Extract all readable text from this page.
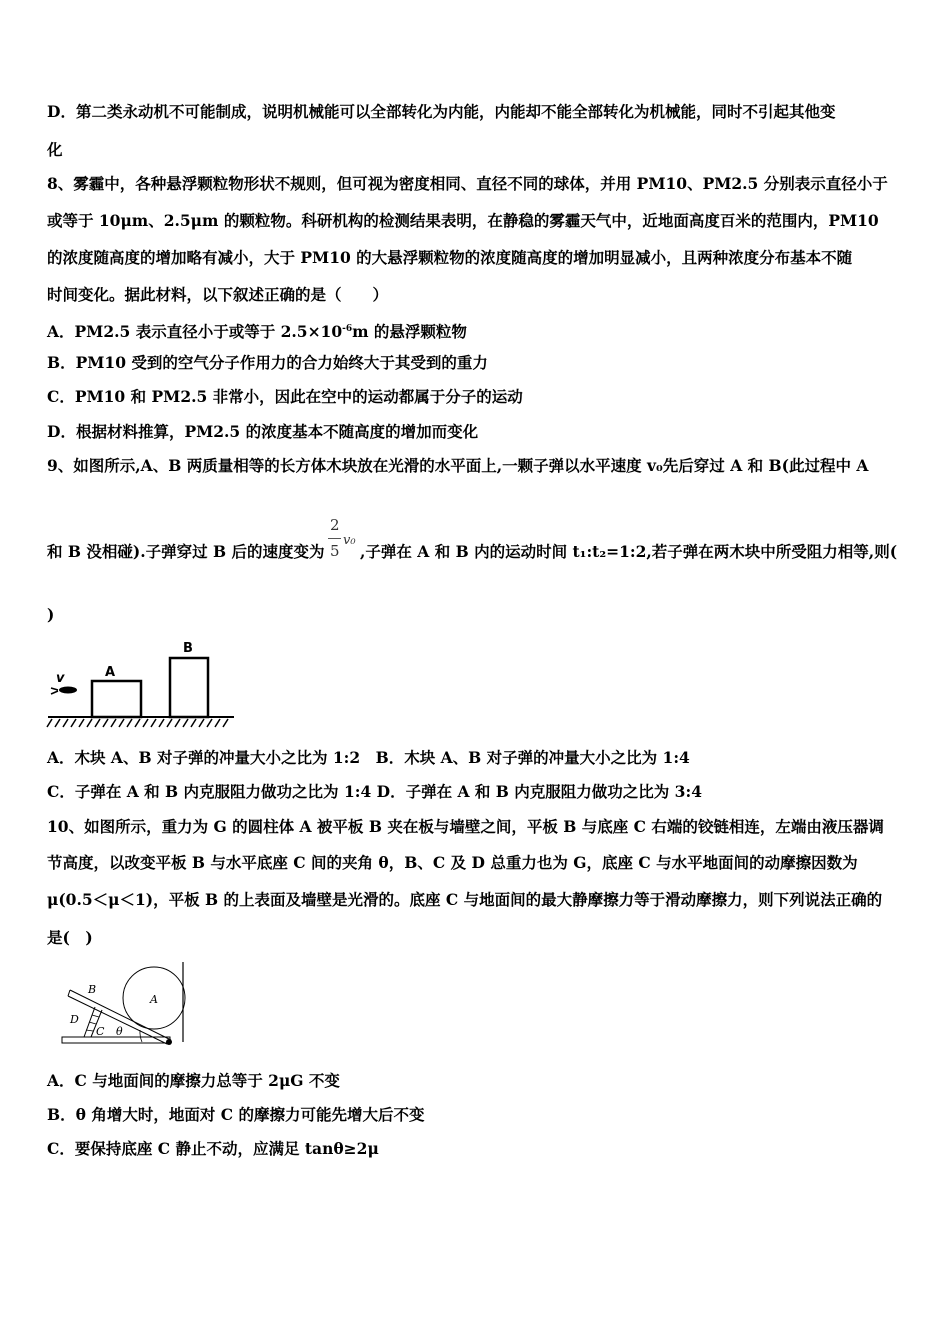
D．第二类永动机不可能制成，说明机械能可以全部转化为内能，内能却不能全部转化为机械能，同时不引起其他变
化
8、雾霾中，各种悬浮颗粒物形状不规则，但可视为密度相同、直径不同的球体，并用 PM10、PM2.5 分别表示直径小于
或等于 10μm、2.5μm 的颗粒物。科研机构的检测结果表明，在静稳的雾霾天气中，近地面高度百米的范围内，PM10
的浓度随高度的增加略有减小，大于 PM10 的大悬浮颗粒物的浓度随高度的增加明显减小，且两种浓度分布基本不随
时间变化。据此材料，以下叙述正确的是（　　）
A．PM2.5 表示直径小于或等于 $2.5\times 10^{-6}m$ 的悬浮颗粒物
B．PM10 受到的空气分子作用力的合力始终大于其受到的重力
C．PM10 和 PM2.5 非常小，因此在空中的运动都属于分子的运动
D．根据材料推算，PM2.5 的浓度基本不随高度的增加而变化
9、如图所示,A、B 两质量相等的长方体木块放在光滑的水平面上,一颗子弹以水平速度 v₀先后穿过 A 和 B(此过程中 A
和 B 没相碰).子弹穿过 B 后的速度变为
2
5
v₀
,子弹在 A 和 B 内的运动时间 t₁:t₂=1:2,若子弹在两木块中所受阻力相等,则(
)
v	A
B
A．木块 A、B 对子弹的冲量大小之比为 1:2　B．木块 A、B 对子弹的冲量大小之比为 1:4
C．子弹在 A 和 B 内克服阻力做功之比为 1:4 D．子弹在 A 和 B 内克服阻力做功之比为 3:4
10、如图所示，重力为 G 的圆柱体 A 被平板 B 夹在板与墙壁之间，平板 B 与底座 C 右端的铰链相连，左端由液压器调
节高度，以改变平板 B 与水平底座 C 间的夹角 θ，B、C 及 D 总重力也为 G，底座 C 与水平地面间的动摩擦因数为
μ(0.5＜μ＜1)，平板 B 的上表面及墙壁是光滑的。底座 C 与地面间的最大静摩擦力等于滑动摩擦力，则下列说法正确的
是(　)
B
A
D
C θ
A．C 与地面间的摩擦力总等于 2μG 不变
B．θ 角增大时，地面对 C 的摩擦力可能先增大后不变
C．要保持底座 C 静止不动，应满足 tanθ≥2μ
